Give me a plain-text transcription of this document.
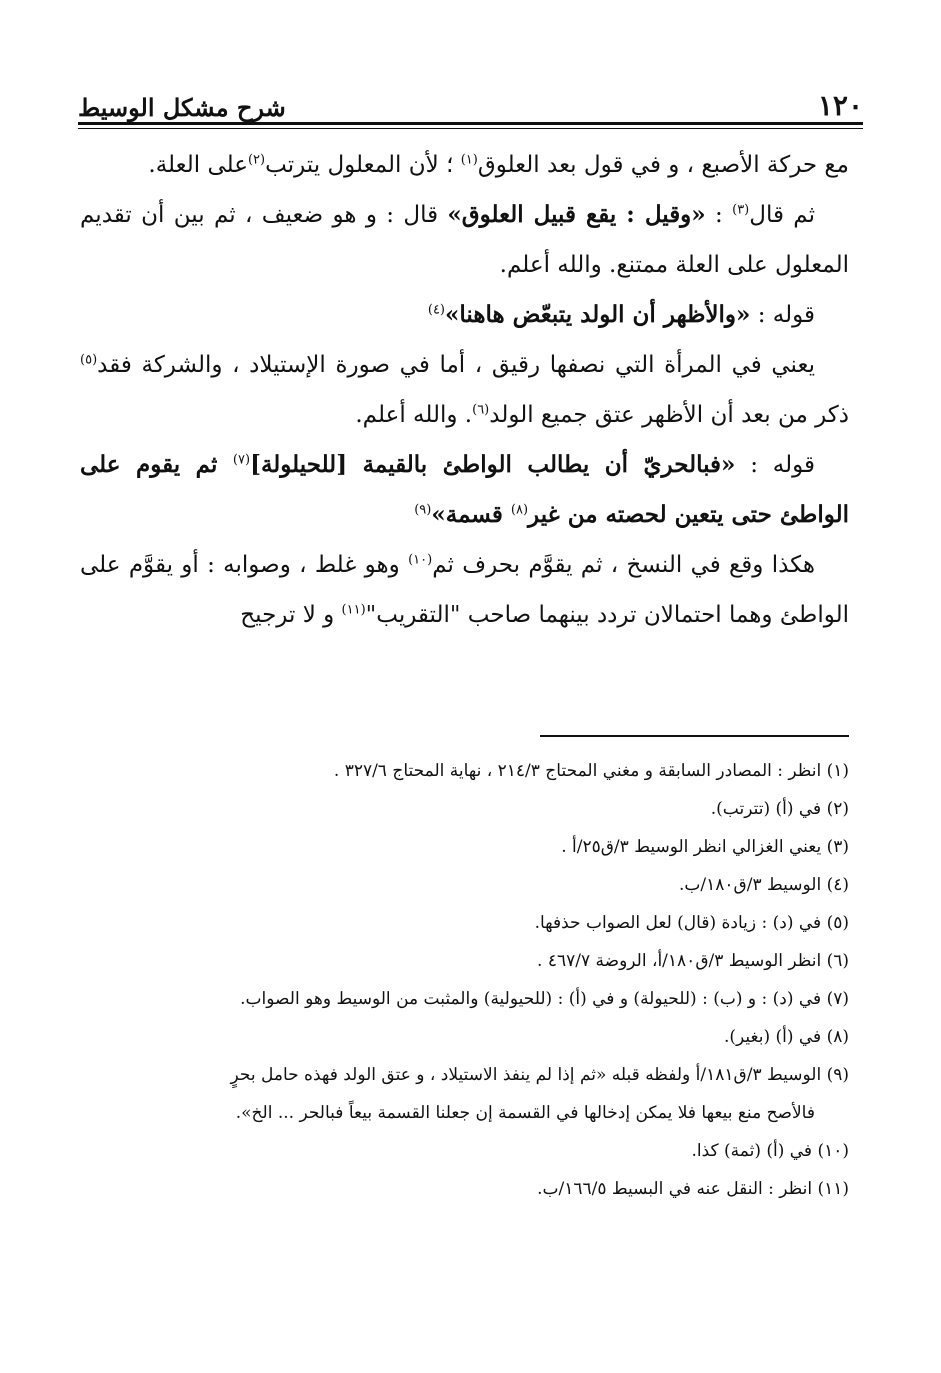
١٢٠
شرح مشكل الوسيط

مع حركة الأصبع ، و في قول بعد العلوق$^{(١)}$ ؛ لأن المعلول يترتب$^{(٢)}$على العلة.

ثم قال$^{(٣)}$ : «وقيل : يقع قبيل العلوق» قال : و هو ضعيف ، ثم بين أن تقديم المعلول على العلة ممتنع. والله أعلم.

قوله : «والأظهر أن الولد يتبعّض هاهنا»$^{(٤)}$

يعني في المرأة التي نصفها رقيق ، أما في صورة الإستيلاد ، والشركة فقد$^{(٥)}$ ذكر من بعد أن الأظهر عتق جميع الولد$^{(٦)}$. والله أعلم.

قوله : «فبالحريّ أن يطالب الواطئ بالقيمة [للحيلولة]$^{(٧)}$ ثم يقوم على الواطئ حتى يتعين لحصته من غير$^{(٨)}$ قسمة»$^{(٩)}$

هكذا وقع في النسخ ، ثم يقوَّم بحرف ثم$^{(١٠)}$ وهو غلط ، وصوابه : أو يقوَّم على الواطئ وهما احتمالان تردد بينهما صاحب "التقريب"$^{(١١)}$ و لا ترجيح

(١) انظر : المصادر السابقة و مغني المحتاج ٢١٤/٣ ، نهاية المحتاج ٣٢٧/٦ .

(٢) في (أ) (تترتب).

(٣) يعني الغزالي انظر الوسيط ٣/ق٢٥/أ .

(٤) الوسيط ٣/ق١٨٠/ب.

(٥) في (د) : زيادة (قال) لعل الصواب حذفها.

(٦) انظر الوسيط ٣/ق١٨٠/أ، الروضة ٤٦٧/٧ .

(٧) في (د) : و (ب) : (للحيولة) و في (أ) : (للحيولية) والمثبت من الوسيط وهو الصواب.

(٨) في (أ) (بغير).

(٩) الوسيط ٣/ق١٨١/أ ولفظه قبله «ثم إذا لم ينفذ الاستيلاد ، و عتق الولد فهذه حامل بحرٍ

فالأصح منع بيعها فلا يمكن إدخالها في القسمة إن جعلنا القسمة بيعاً فبالحر ... الخ».

(١٠) في (أ) (ثمة) كذا.

(١١) انظر : النقل عنه في البسيط ١٦٦/٥/ب.
